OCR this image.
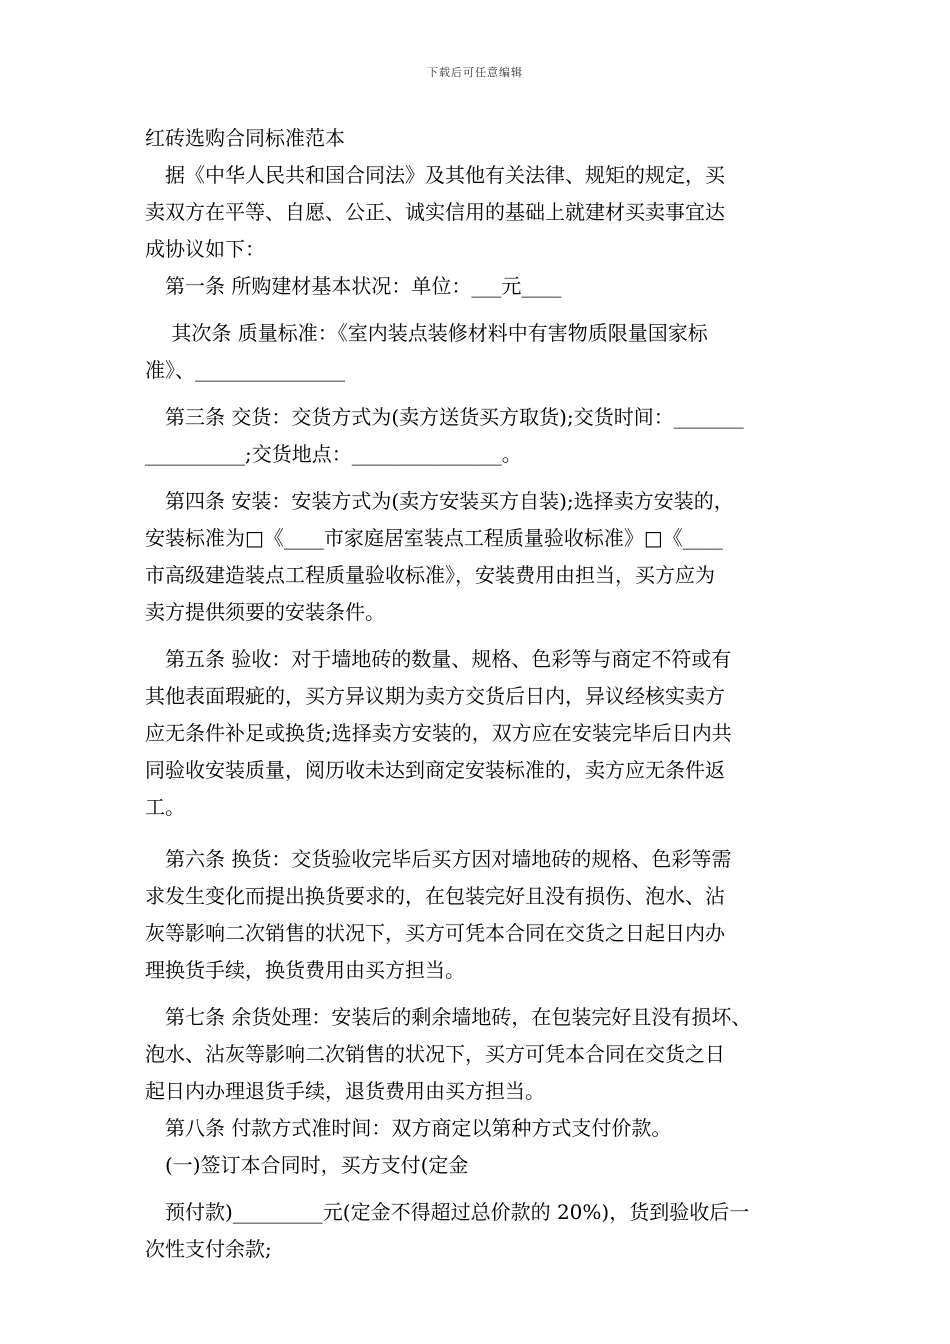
下载后可任意编辑
红砖选购合同标准范本
　据《中华人民共和国合同法》及其他有关法律、规矩的规定，买
卖双方在平等、自愿、公正、诚实信用的基础上就建材买卖事宜达
成协议如下：
　第一条 所购建材基本状况：单位：___元____
　 其次条 质量标准：《室内装点装修材料中有害物质限量国家标
准》、_______________
　第三条 交货：交货方式为(卖方送货买方取货);交货时间：_______
__________;交货地点：_______________。
　第四条 安装：安装方式为(卖方安装买方自装);选择卖方安装的，
安装标准为□《____市家庭居室装点工程质量验收标准》□《____
市高级建造装点工程质量验收标准》，安装费用由担当，买方应为
卖方提供须要的安装条件。
　第五条 验收：对于墙地砖的数量、规格、色彩等与商定不符或有
其他表面瑕疵的，买方异议期为卖方交货后日内，异议经核实卖方
应无条件补足或换货;选择卖方安装的，双方应在安装完毕后日内共
同验收安装质量，阅历收未达到商定安装标准的，卖方应无条件返
工。
　第六条 换货：交货验收完毕后买方因对墙地砖的规格、色彩等需
求发生变化而提出换货要求的，在包装完好且没有损伤、泡水、沾
灰等影响二次销售的状况下，买方可凭本合同在交货之日起日内办
理换货手续，换货费用由买方担当。
　第七条 余货处理：安装后的剩余墙地砖，在包装完好且没有损坏、
泡水、沾灰等影响二次销售的状况下，买方可凭本合同在交货之日
起日内办理退货手续，退货费用由买方担当。
　第八条 付款方式准时间：双方商定以第种方式支付价款。
　(一)签订本合同时，买方支付(定金
　预付款)_________元(定金不得超过总价款的 20%)，货到验收后一
次性支付余款;
